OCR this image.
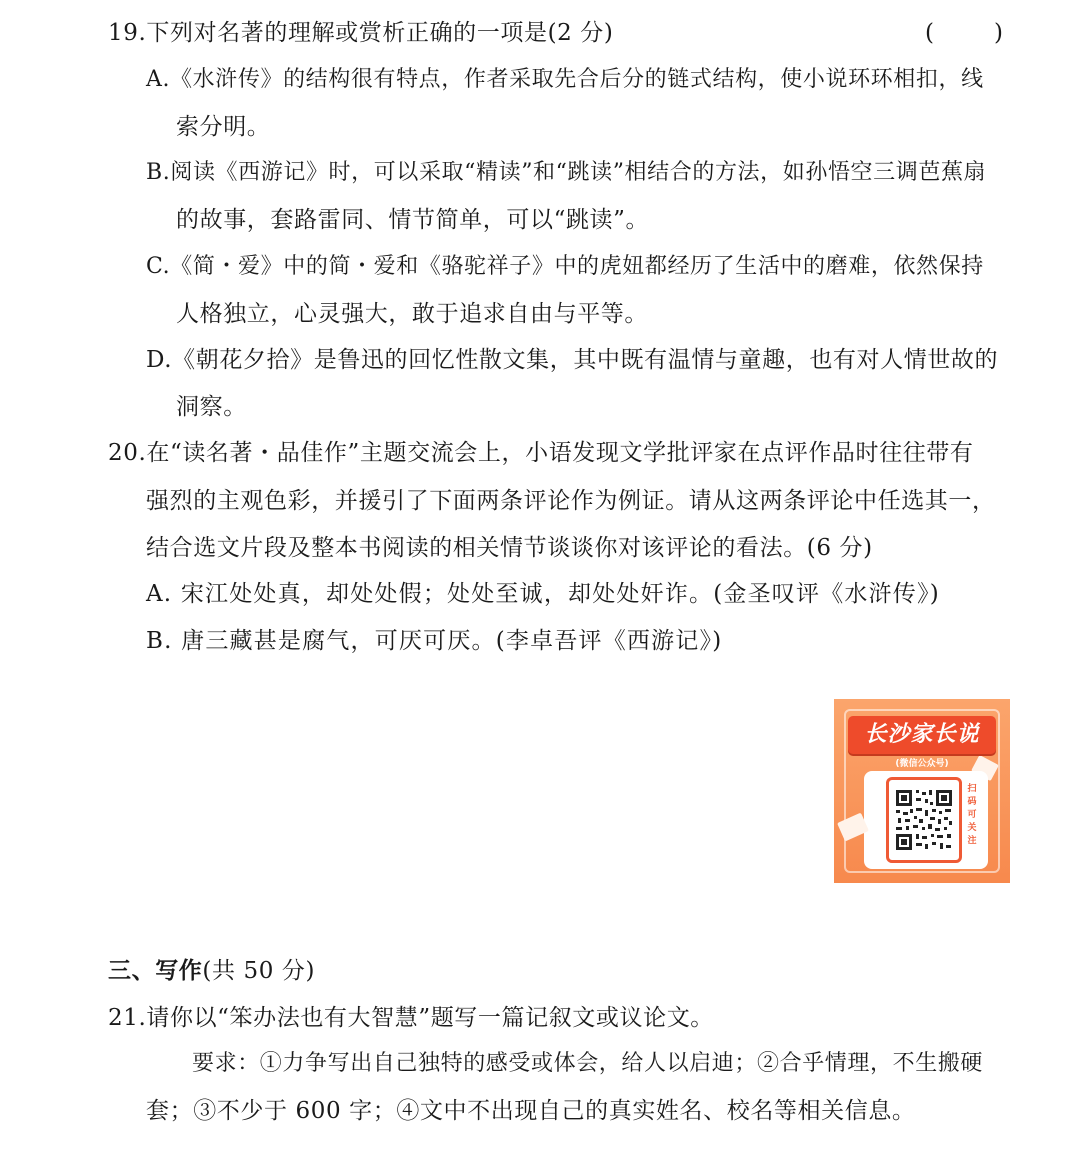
19.下列对名著的理解或赏析正确的一项是(2 分)	(	)
A.《水浒传》的结构很有特点，作者采取先合后分的链式结构，使小说环环相扣，线
索分明。
B.阅读《西游记》时，可以采取“精读”和“跳读”相结合的方法，如孙悟空三调芭蕉扇
的故事，套路雷同、情节简单，可以“跳读”。
C.《简・爱》中的简・爱和《骆驼祥子》中的虎妞都经历了生活中的磨难，依然保持
人格独立，心灵强大，敢于追求自由与平等。
D.《朝花夕拾》是鲁迅的回忆性散文集，其中既有温情与童趣，也有对人情世故的
洞察。
20.在“读名著・品佳作”主题交流会上，小语发现文学批评家在点评作品时往往带有
强烈的主观色彩，并援引了下面两条评论作为例证。请从这两条评论中任选其一，
结合选文片段及整本书阅读的相关情节谈谈你对该评论的看法。(6 分)
A. 宋江处处真，却处处假；处处至诚，却处处奸诈。(金圣叹评《水浒传》)
B. 唐三藏甚是腐气，可厌可厌。(李卓吾评《西游记》)
长沙家长说
(微信公众号)
扫码可关注
三、写作(共 50 分)
21.请你以“笨办法也有大智慧”题写一篇记叙文或议论文。
要求：①力争写出自己独特的感受或体会，给人以启迪；②合乎情理，不生搬硬
套；③不少于 600 字；④文中不出现自己的真实姓名、校名等相关信息。
